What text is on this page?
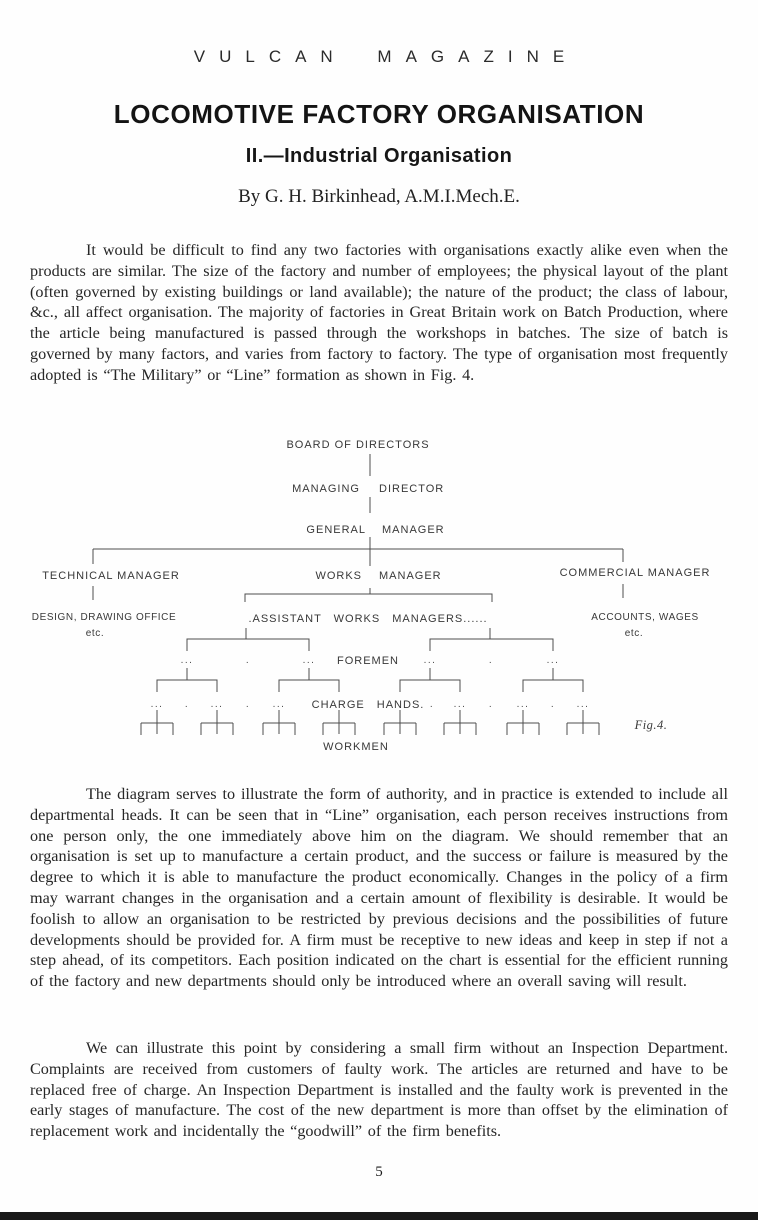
VULCAN MAGAZINE
LOCOMOTIVE FACTORY ORGANISATION
II.—Industrial Organisation
By G. H. Birkinhead, A.M.I.Mech.E.

It would be difficult to find any two factories with organisations exactly alike even when the products are similar. The size of the factory and number of employees; the physical layout of the plant (often governed by existing buildings or land available); the nature of the product; the class of labour, &c., all affect organisation. The majority of factories in Great Britain work on Batch Production, where the article being manufactured is passed through the workshops in batches. The size of batch is governed by many factors, and varies from factory to factory. The type of organisation most frequently adopted is “The Military” or “Line” formation as shown in Fig. 4.

BOARD OF DIRECTORS
MANAGING DIRECTOR
GENERAL MANAGER
TECHNICAL MANAGER	WORKS MANAGER	COMMERCIAL MANAGER
DESIGN, DRAWING OFFICE
etc.
.ASSISTANT WORKS MANAGERS......	ACCOUNTS, WAGES
etc.
...	.	... FOREMEN ...	.	...
... . ... . ... CHARGE HANDS. . ... . ... . ...
WORKMEN
Fig.4.

The diagram serves to illustrate the form of authority, and in practice is extended to include all departmental heads. It can be seen that in “Line” organisation, each person receives instructions from one person only, the one immediately above him on the diagram. We should remember that an organisation is set up to manufacture a certain product, and the success or failure is measured by the degree to which it is able to manufacture the product economically. Changes in the policy of a firm may warrant changes in the organisation and a certain amount of flexibility is desirable. It would be foolish to allow an organisation to be restricted by previous decisions and the possibilities of future developments should be provided for. A firm must be receptive to new ideas and keep in step if not a step ahead, of its competitors. Each position indicated on the chart is essential for the efficient running of the factory and new departments should only be introduced where an overall saving will result.

We can illustrate this point by considering a small firm without an Inspection Department. Complaints are received from customers of faulty work. The articles are returned and have to be replaced free of charge. An Inspection Department is installed and the faulty work is prevented in the early stages of manufacture. The cost of the new department is more than offset by the elimination of replacement work and incidentally the “goodwill” of the firm benefits.

5
